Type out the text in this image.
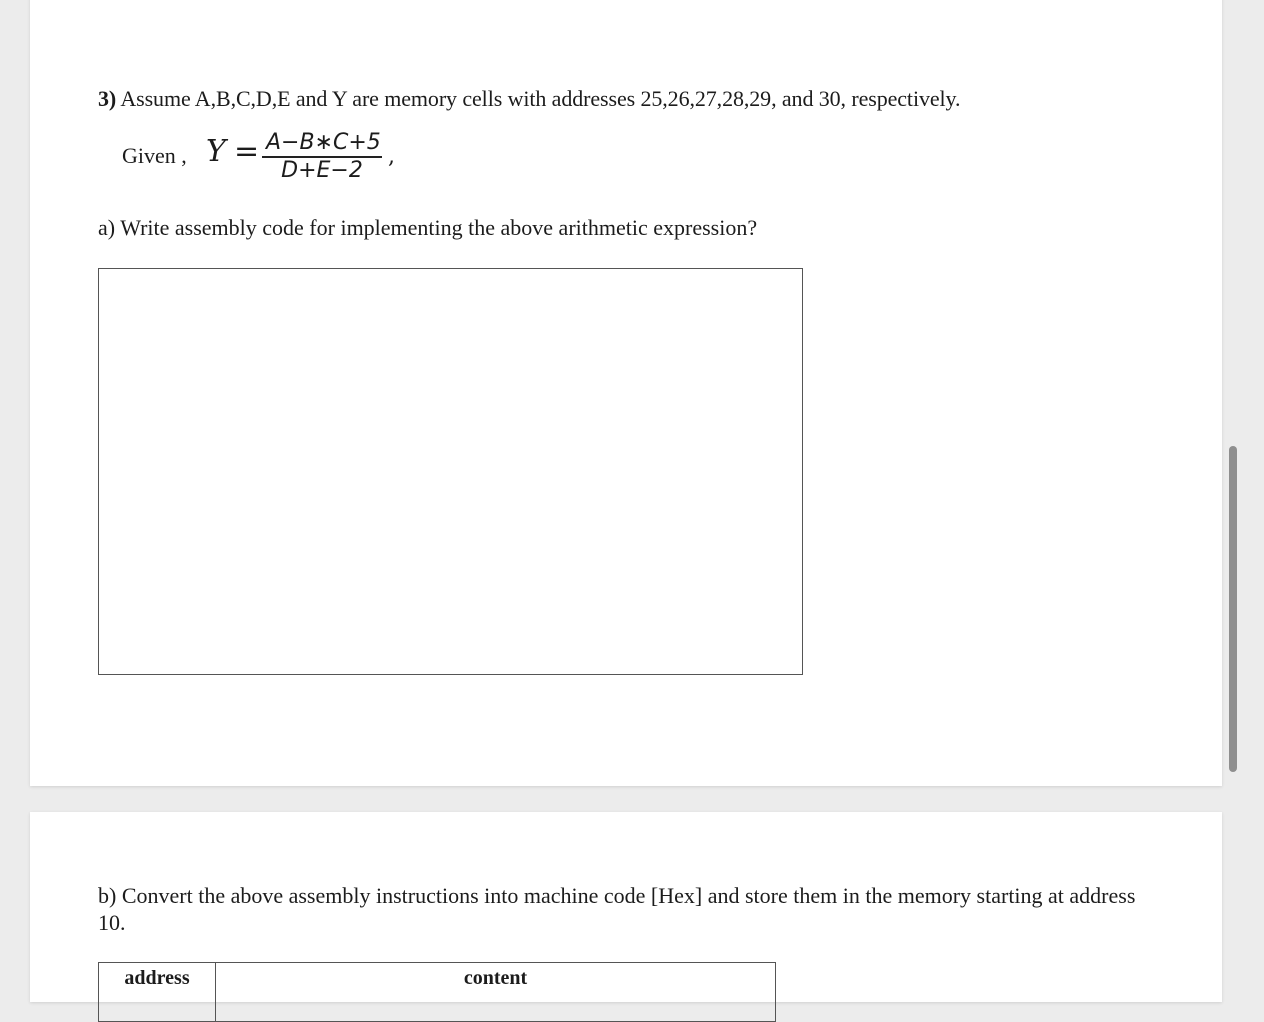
3) Assume A,B,C,D,E and Y are memory cells with addresses 25,26,27,28,29, and 30, respectively.
Given , $Y = \frac{A-B∗C+5}{D+E-2}$ ,
a) Write assembly code for implementing the above arithmetic expression?
b) Convert the above assembly instructions into machine code [Hex] and store them in the memory starting at address 10.
address	content
